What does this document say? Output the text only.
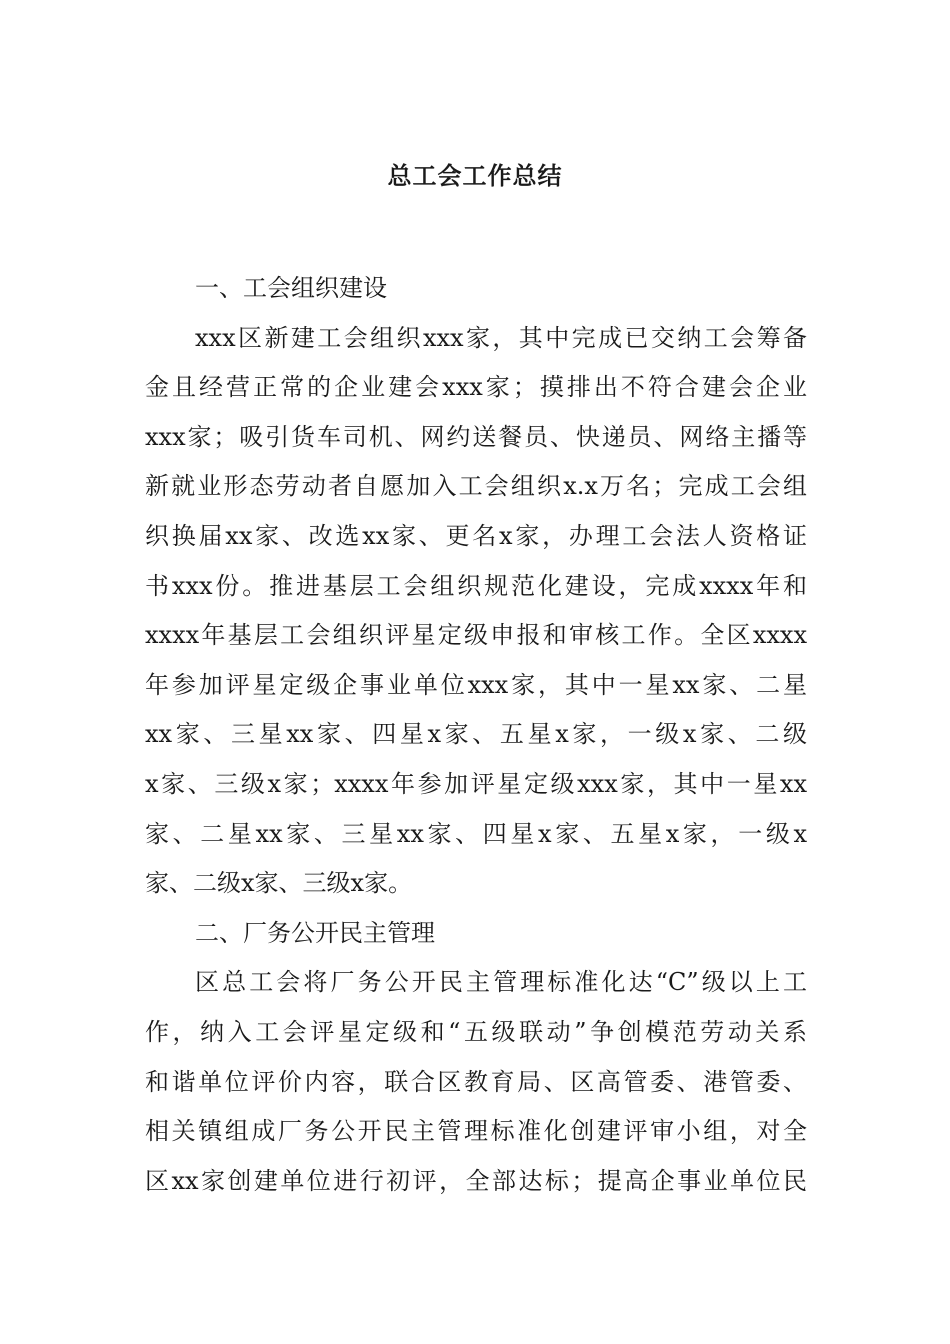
总工会工作总结
一、工会组织建设
xxx区新建工会组织xxx家，其中完成已交纳工会筹备
金且经营正常的企业建会xxx家；摸排出不符合建会企业
xxx家；吸引货车司机、网约送餐员、快递员、网络主播等
新就业形态劳动者自愿加入工会组织x.x万名；完成工会组
织换届xx家、改选xx家、更名x家，办理工会法人资格证
书xxx份。推进基层工会组织规范化建设，完成xxxx年和
xxxx年基层工会组织评星定级申报和审核工作。全区xxxx
年参加评星定级企事业单位xxx家，其中一星xx家、二星
xx家、三星xx家、四星x家、五星x家，一级x家、二级
x家、三级x家；xxxx年参加评星定级xxx家，其中一星xx
家、二星xx家、三星xx家、四星x家、五星x家，一级x
家、二级x家、三级x家。
二、厂务公开民主管理
区总工会将厂务公开民主管理标准化达“C”级以上工
作，纳入工会评星定级和“五级联动”争创模范劳动关系
和谐单位评价内容，联合区教育局、区高管委、港管委、
相关镇组成厂务公开民主管理标准化创建评审小组，对全
区xx家创建单位进行初评，全部达标；提高企事业单位民
